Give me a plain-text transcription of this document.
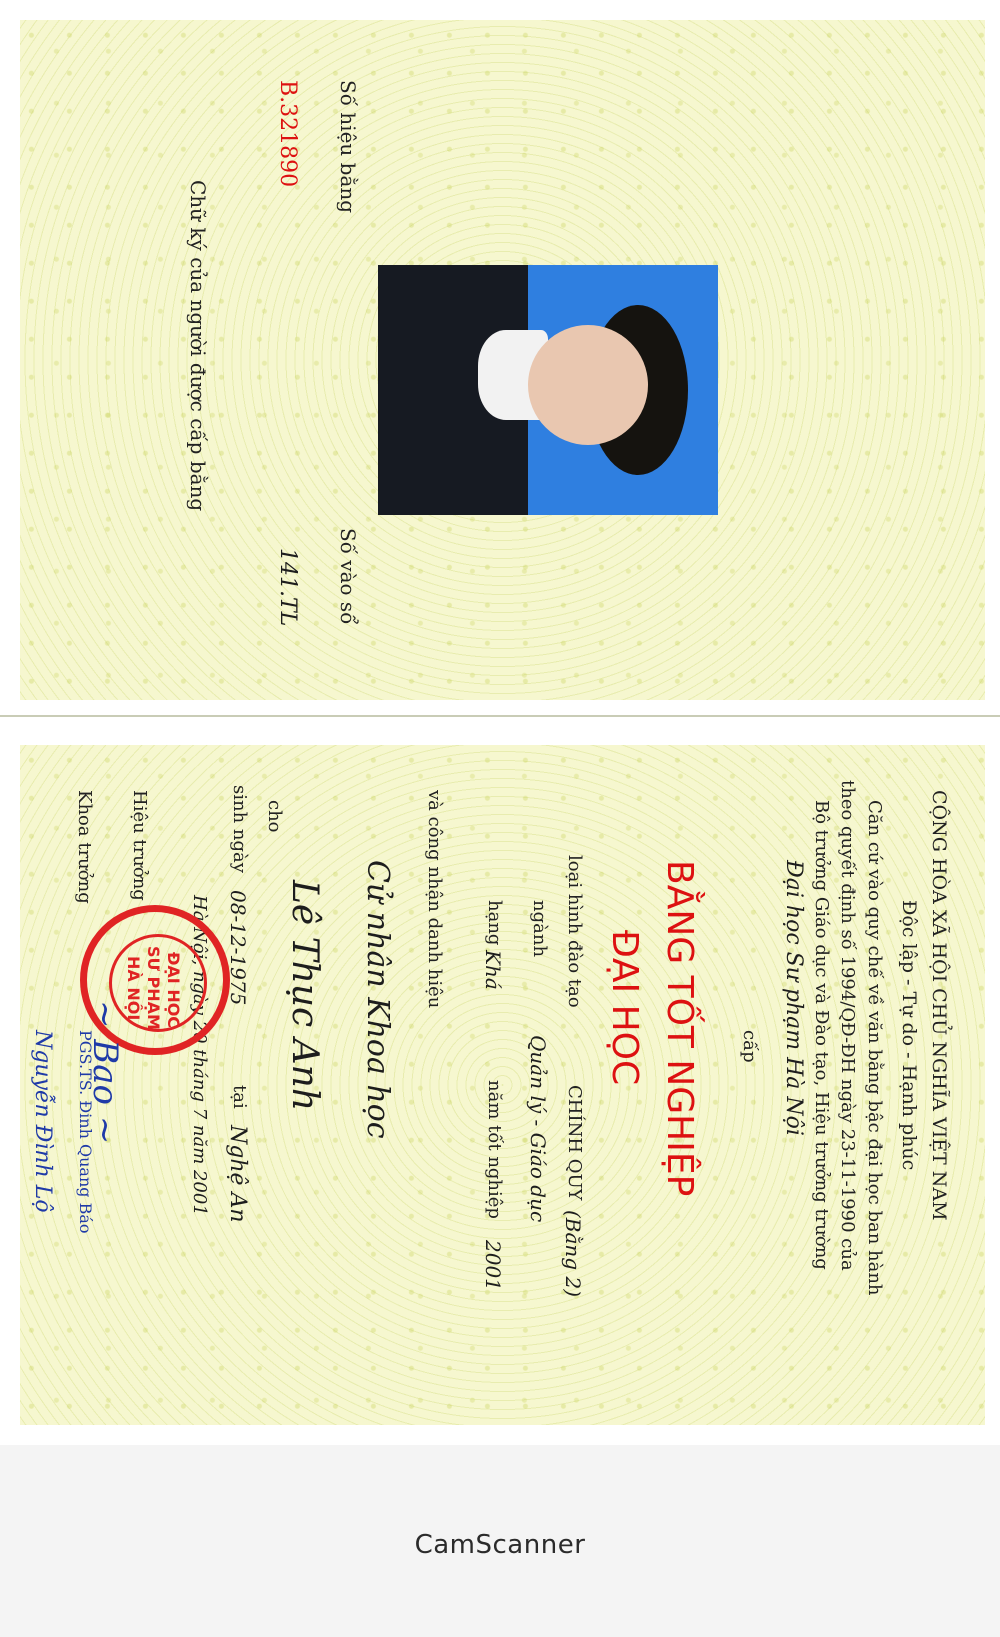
Số hiệu bằng
B.321890
Chữ ký của người được cấp bằng
Số vào sổ
141.TL
CỘNG HÒA XÃ HỘI CHỦ NGHĨA VIỆT NAM
Độc lập - Tự do - Hạnh phúc
Căn cứ vào quy chế về văn bằng bậc đại học ban hành
theo quyết định số 1994/QĐ-ĐH ngày 23-11-1990 của
Bộ trưởng Giáo dục và Đào tạo, Hiệu trưởng trường
Đại học Sư phạm Hà Nội
cấp
BẰNG TỐT NGHIỆP
ĐẠI HỌC
loại hình đào tạo
CHÍNH QUY
(Bằng 2)
ngành
Quản lý - Giáo dục
hạng
Khá
năm tốt nghiệp
2001
và công nhận danh hiệu
Cử nhân Khoa học
cho
Lê Thục Anh
sinh ngày
08-12-1975
tại
Nghệ An
Hà Nội, ngày 20 tháng 7 năm 2001
Hiệu trưởng
Khoa trưởng
ĐẠI HỌC
SƯ PHẠM
HÀ NỘI
~ Bao ~
PGS.TS. Đinh Quang Báo
Nguyễn Đình Lộ
CamScanner
